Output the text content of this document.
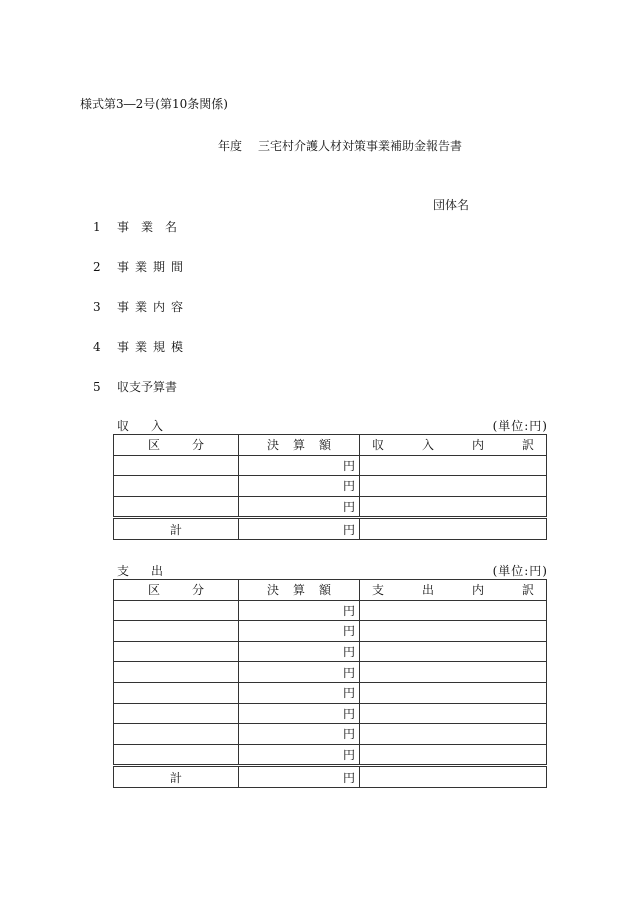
様式第3―2号(第10条関係)
年度 三宅村介護人材対策事業補助金報告書
団体名
1 事業名
2 事業期間
3 事業内容
4 事業規模
5 収支予算書
収入	(単位:円)
区 分	決 算 額	収 入 内 訳

	円	
	円	
	円	
計	円	
支出	(単位:円)
区 分	決 算 額	支 出 内 訳

	円	
	円	
	円	
	円	
	円	
	円	
	円	
	円	
計	円	
